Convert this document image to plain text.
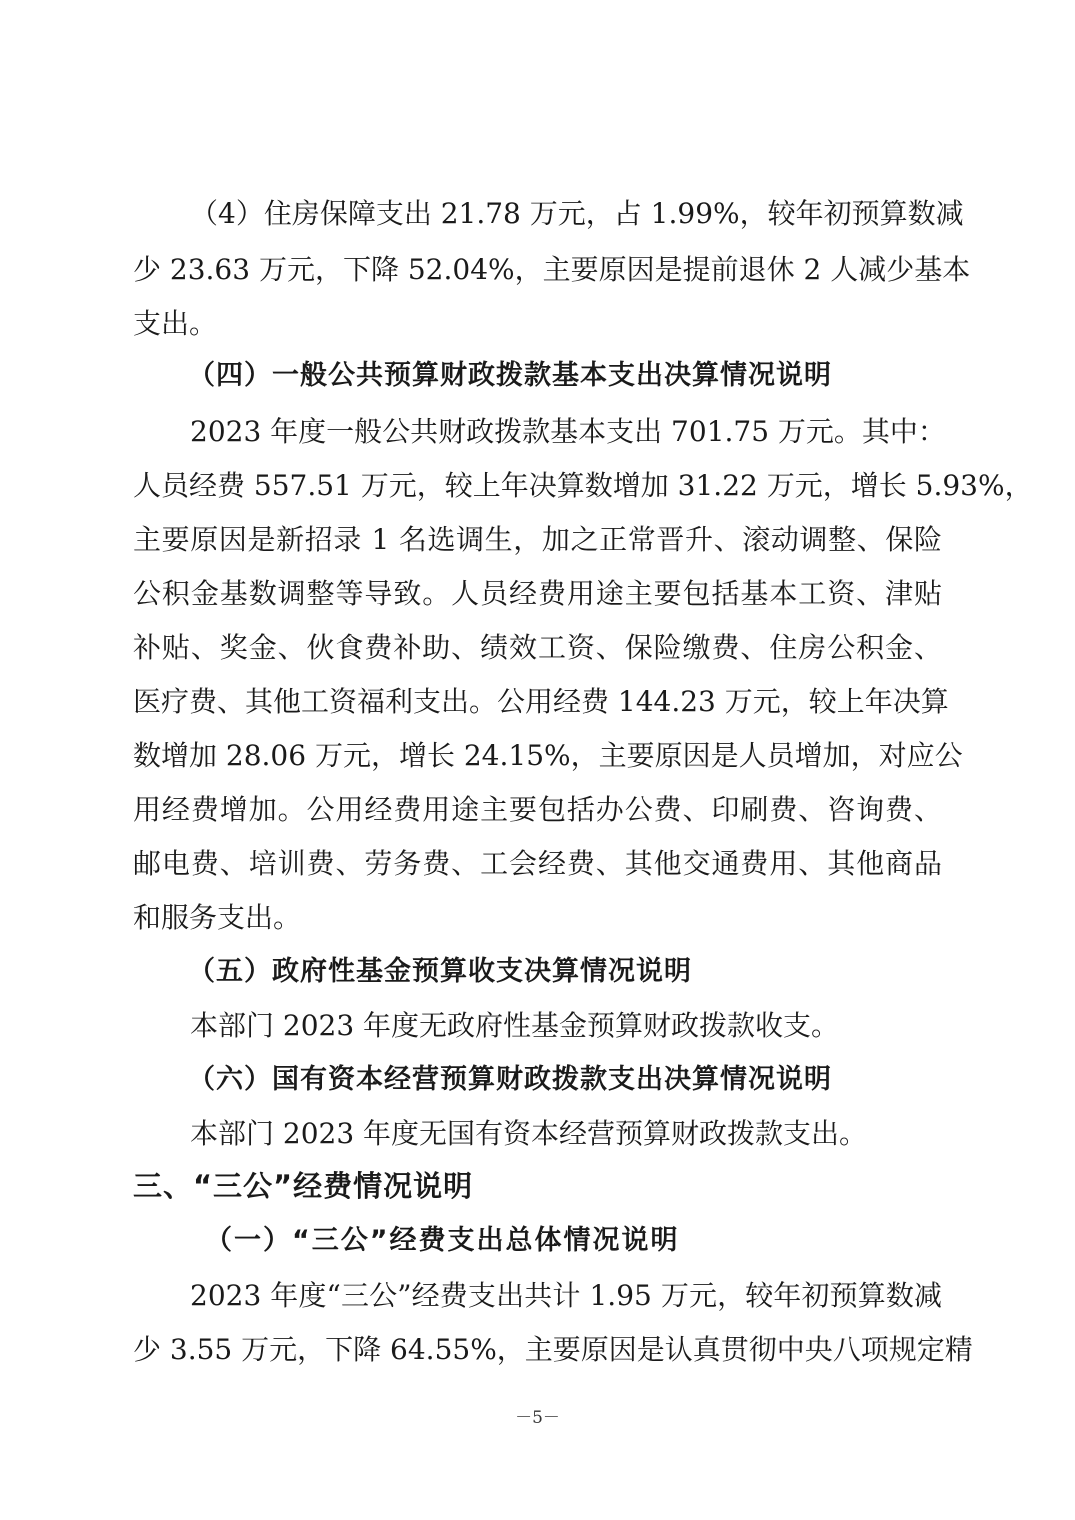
（4）住房保障支出 21.78 万元，占 1.99%，较年初预算数减
少 23.63 万元，下降 52.04%，主要原因是提前退休 2 人减少基本
支出。
（四）一般公共预算财政拨款基本支出决算情况说明
2023 年度一般公共财政拨款基本支出 701.75 万元。其中：
人员经费 557.51 万元，较上年决算数增加 31.22 万元，增长 5.93%，
主要原因是新招录 1 名选调生，加之正常晋升、滚动调整、保险
公积金基数调整等导致。人员经费用途主要包括基本工资、津贴
补贴、奖金、伙食费补助、绩效工资、保险缴费、住房公积金、
医疗费、其他工资福利支出。公用经费 144.23 万元，较上年决算
数增加 28.06 万元，增长 24.15%，主要原因是人员增加，对应公
用经费增加。公用经费用途主要包括办公费、印刷费、咨询费、
邮电费、培训费、劳务费、工会经费、其他交通费用、其他商品
和服务支出。
（五）政府性基金预算收支决算情况说明
本部门 2023 年度无政府性基金预算财政拨款收支。
（六）国有资本经营预算财政拨款支出决算情况说明
本部门 2023 年度无国有资本经营预算财政拨款支出。
三、“三公”经费情况说明
（一）“三公”经费支出总体情况说明
2023 年度“三公”经费支出共计 1.95 万元，较年初预算数减
少 3.55 万元，下降 64.55%，主要原因是认真贯彻中央八项规定精
－5－
